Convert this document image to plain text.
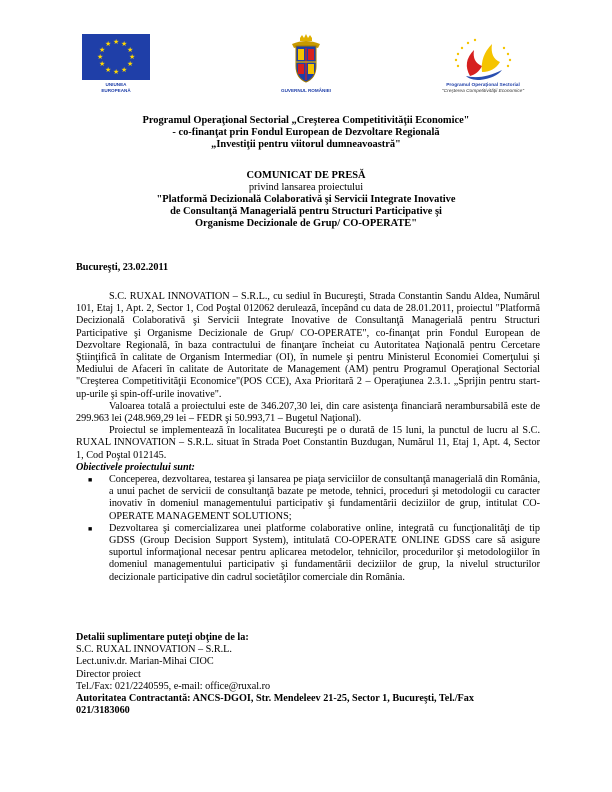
★ ★
★
★
★
★
★
★
★
★
★
★
UNIUNEA
EUROPEANĂ	GUVERNUL ROMÂNIEI
Programul Operaţional Sectorial
"Creşterea Competitivităţii Economice"
Programul Operaţional Sectorial „Creşterea Competitivităţii Economice"
- co-finanţat prin Fondul European de Dezvoltare Regională
„Investiţii pentru viitorul dumneavoastră"
COMUNICAT DE PRESĂ
privind lansarea proiectului
"Platformă Decizională Colaborativă şi Servicii Integrate Inovative
de Consultanţă Managerială pentru Structuri Participative şi
Organisme Decizionale de Grup/ CO-OPERATE"
Bucureşti, 23.02.2011

S.C. RUXAL INNOVATION – S.R.L., cu sediul în Bucureşti, Strada Constantin Sandu Aldea, Numărul 101, Etaj 1, Apt. 2, Sector 1, Cod Poştal 012062 derulează, începând cu data de 28.01.2011, proiectul "Platformă Decizională Colaborativă şi Servicii Integrate Inovative de Consultanţă Managerială pentru Structuri Participative şi Organisme Decizionale de Grup/ CO-OPERATE", co-finanţat prin Fondul European de Dezvoltare Regională, în baza contractului de finanţare încheiat cu Autoritatea Naţională pentru Cercetare Ştiinţifică în calitate de Organism Intermediar (OI), în numele şi pentru Ministerul Economiei Comerţului şi Mediului de Afaceri în calitate de Autoritate de Management (AM) pentru Programul Operaţional Sectorial "Creşterea Competitivităţii Economice"(POS CCE), Axa Prioritară 2 – Operaţiunea 2.3.1. „Sprijin pentru start-up-urile şi spin-off-urile inovative".

Valoarea totală a proiectului este de 346.207,30 lei, din care asistenţa financiară nerambursabilă este de 299.963 lei (248.969,29 lei – FEDR şi 50.993,71 – Bugetul Naţional).

Proiectul se implementează în localitatea Bucureşti pe o durată de 15 luni, la punctul de lucru al S.C. RUXAL INNOVATION – S.R.L. situat în Strada Poet Constantin Buzdugan, Numărul 11, Etaj 1, Apt. 4, Sector 1, Cod Poştal 012145.

Obiectivele proiectului sunt:

■ Conceperea, dezvoltarea, testarea şi lansarea pe piaţa serviciilor de consultanţă managerială din România, a unui pachet de servicii de consultanţă bazate pe metode, tehnici, proceduri şi metodologii cu caracter inovativ în domeniul managementului participativ şi fundamentării deciziilor de grup, intitulat CO-OPERATE MANAGEMENT SOLUTIONS;
■ Dezvoltarea şi comercializarea unei platforme colaborative online, integrată cu funcţionalităţi de tip GDSS (Group Decision Support System), intitulată CO-OPERATE ONLINE GDSS care să asigure suportul informaţional necesar pentru aplicarea metodelor, tehnicilor, procedurilor şi metodologiilor în domeniul managementului participativ şi fundamentării deciziilor de grup, la nivelul structurilor decizionale participative din cadrul societăţilor comerciale din România.

Detalii suplimentare puteţi obţine de la:

S.C. RUXAL INNOVATION – S.R.L.

Lect.univ.dr. Marian-Mihai CIOC

Director proiect

Tel./Fax: 021/2240595, e-mail: office@ruxal.ro

Autoritatea Contractantă: ANCS-DGOI, Str. Mendeleev 21-25, Sector 1, Bucureşti, Tel./Fax

021/3183060
